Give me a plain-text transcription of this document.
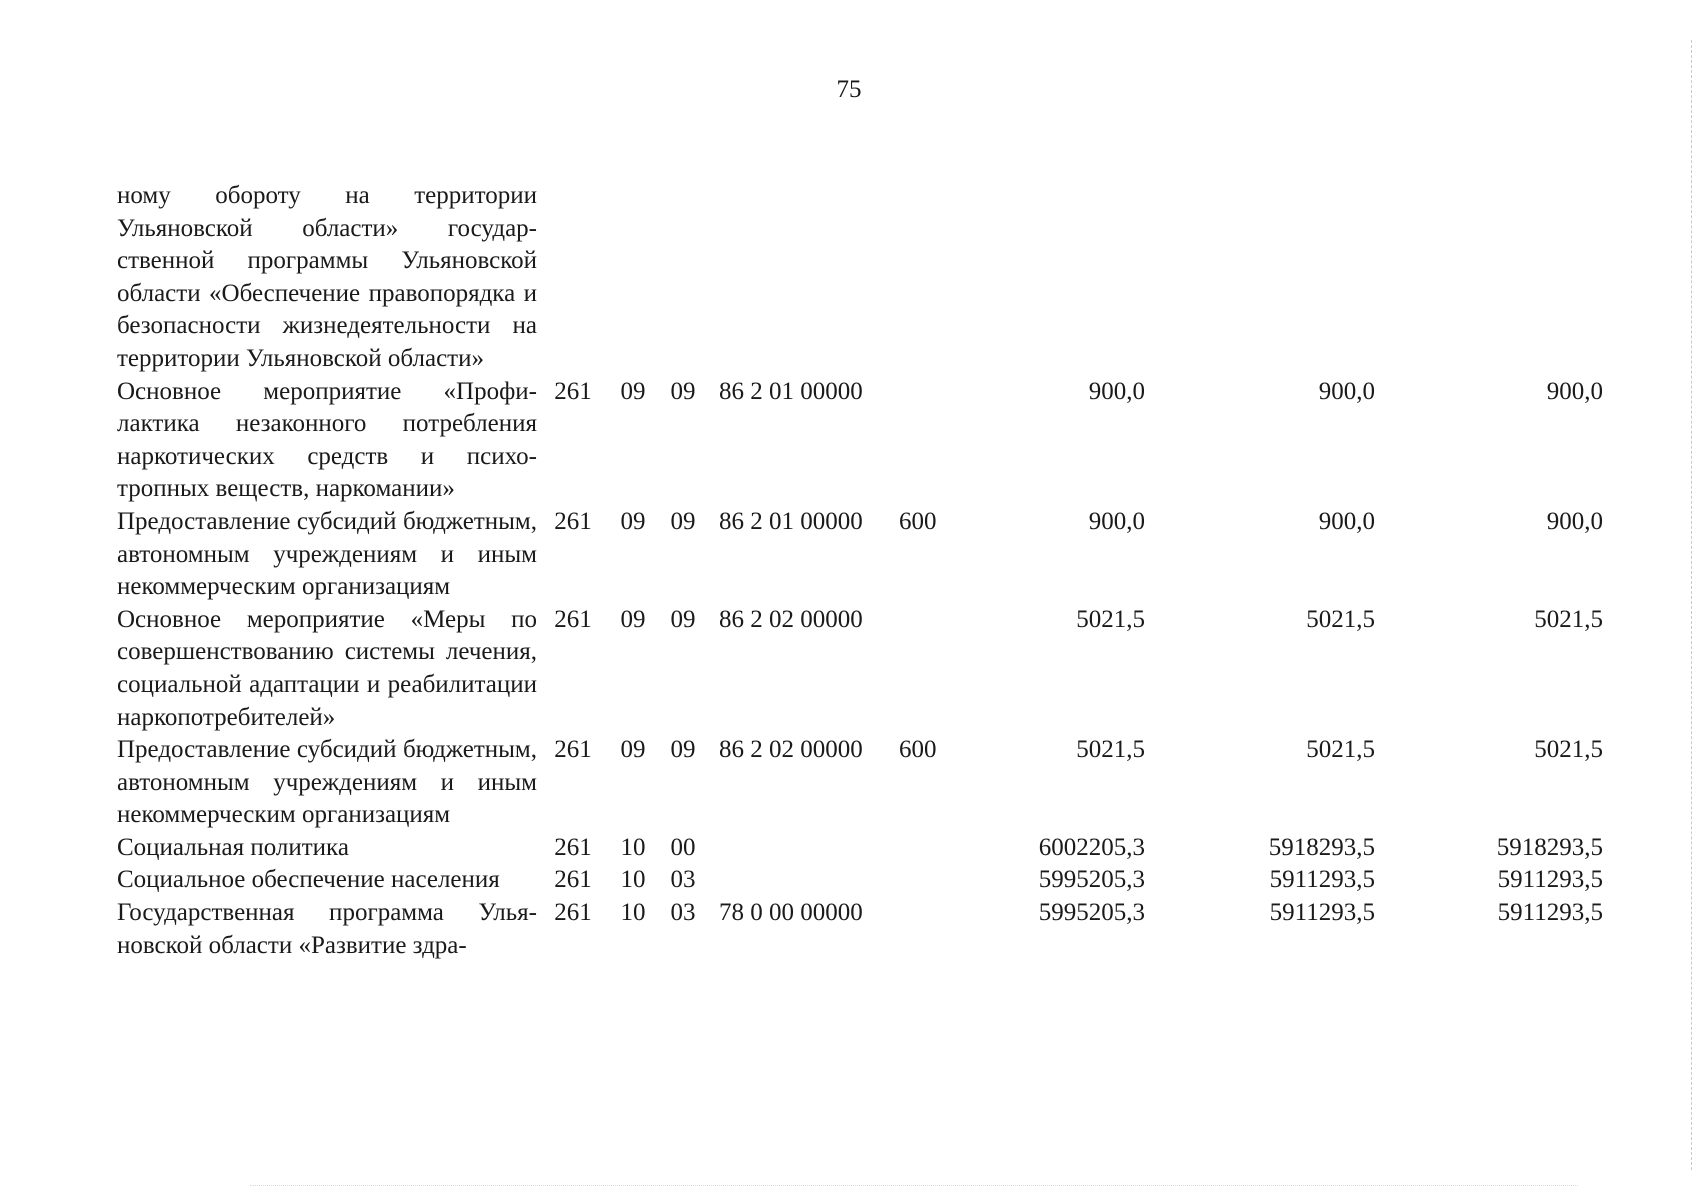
75
ному обороту на территории Ульяновской области» государственной программы Ульяновской области «Обеспечение правопорядка и безопасности жизнедеятельности на территории Ульяновской области»								
Основное мероприятие «Профилактика незаконного потребления наркотических средств и психотропных веществ, наркомании»	261	09	09	86 2 01 00000		900,0	900,0	900,0
Предоставление субсидий бюджетным, автономным учреждениям и иным некоммерческим организациям	261	09	09	86 2 01 00000	600	900,0	900,0	900,0
Основное мероприятие «Меры по совершенствованию системы лечения, социальной адаптации и реабилитации наркопотребителей»	261	09	09	86 2 02 00000		5021,5	5021,5	5021,5
Предоставление субсидий бюджетным, автономным учреждениям и иным некоммерческим организациям	261	09	09	86 2 02 00000	600	5021,5	5021,5	5021,5
Социальная политика	261	10	00			6002205,3	5918293,5	5918293,5
Социальное обеспечение населения	261	10	03			5995205,3	5911293,5	5911293,5
Государственная программа Ульяновской области «Развитие здра-	261	10	03	78 0 00 00000		5995205,3	5911293,5	5911293,5
